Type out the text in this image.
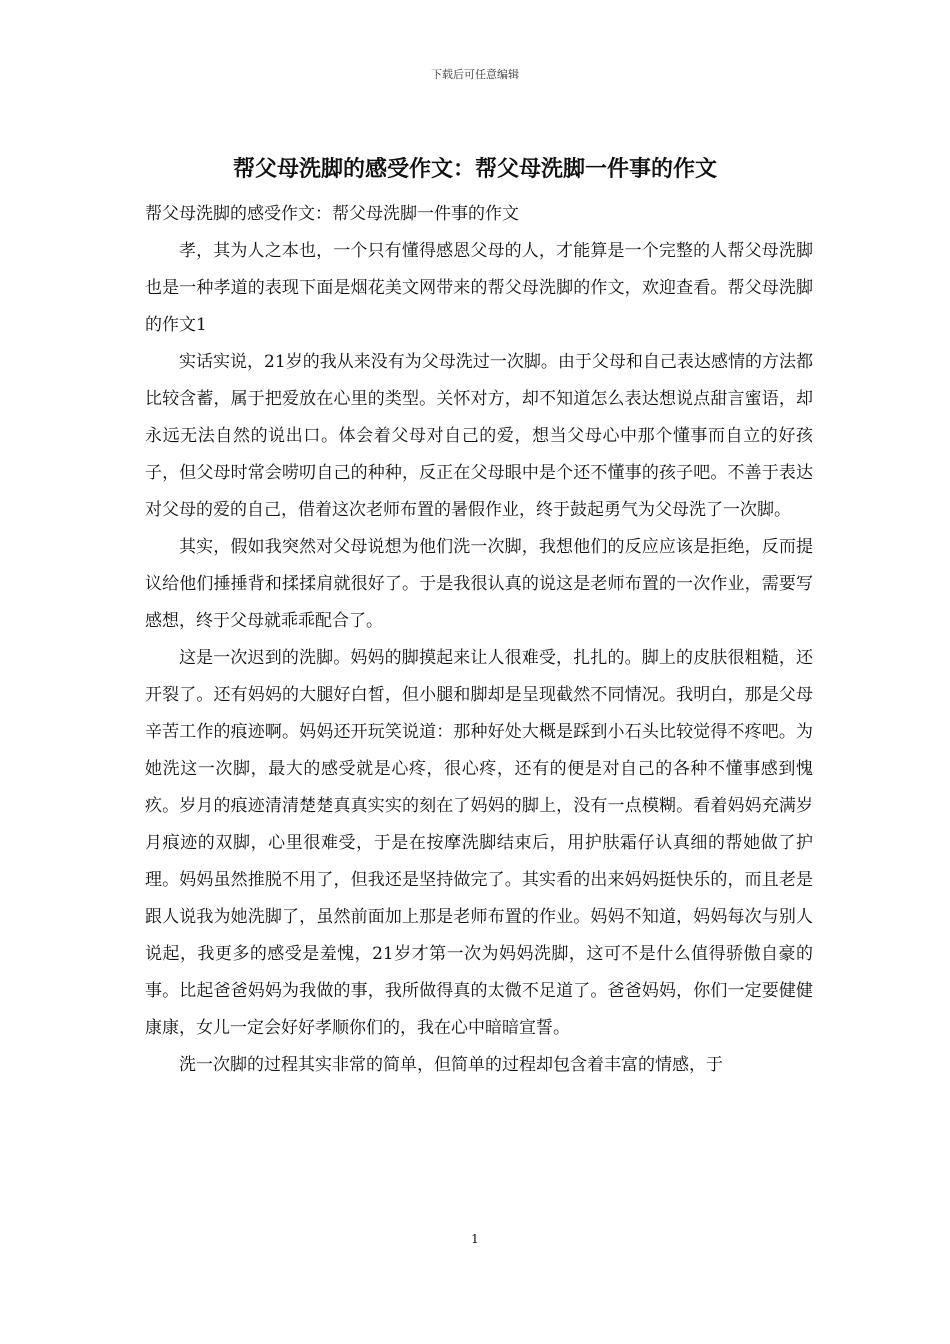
下载后可任意编辑
帮父母洗脚的感受作文：帮父母洗脚一件事的作文

帮父母洗脚的感受作文：帮父母洗脚一件事的作文

孝，其为人之本也，一个只有懂得感恩父母的人，才能算是一个完整的人帮父母洗脚也是一种孝道的表现下面是烟花美文网带来的帮父母洗脚的作文，欢迎查看。帮父母洗脚的作文1

实话实说，21岁的我从来没有为父母洗过一次脚。由于父母和自己表达感情的方法都比较含蓄，属于把爱放在心里的类型。关怀对方，却不知道怎么表达想说点甜言蜜语，却永远无法自然的说出口。体会着父母对自己的爱，想当父母心中那个懂事而自立的好孩子，但父母时常会唠叨自己的种种，反正在父母眼中是个还不懂事的孩子吧。不善于表达对父母的爱的自己，借着这次老师布置的暑假作业，终于鼓起勇气为父母洗了一次脚。

其实，假如我突然对父母说想为他们洗一次脚，我想他们的反应应该是拒绝，反而提议给他们捶捶背和揉揉肩就很好了。于是我很认真的说这是老师布置的一次作业，需要写感想，终于父母就乖乖配合了。

这是一次迟到的洗脚。妈妈的脚摸起来让人很难受，扎扎的。脚上的皮肤很粗糙，还开裂了。还有妈妈的大腿好白皙，但小腿和脚却是呈现截然不同情况。我明白，那是父母辛苦工作的痕迹啊。妈妈还开玩笑说道：那种好处大概是踩到小石头比较觉得不疼吧。为她洗这一次脚，最大的感受就是心疼，很心疼，还有的便是对自己的各种不懂事感到愧疚。岁月的痕迹清清楚楚真真实实的刻在了妈妈的脚上，没有一点模糊。看着妈妈充满岁月痕迹的双脚，心里很难受，于是在按摩洗脚结束后，用护肤霜仔认真细的帮她做了护理。妈妈虽然推脱不用了，但我还是坚持做完了。其实看的出来妈妈挺快乐的，而且老是跟人说我为她洗脚了，虽然前面加上那是老师布置的作业。妈妈不知道，妈妈每次与别人说起，我更多的感受是羞愧，21岁才第一次为妈妈洗脚，这可不是什么值得骄傲自豪的事。比起爸爸妈妈为我做的事，我所做得真的太微不足道了。爸爸妈妈，你们一定要健健康康，女儿一定会好好孝顺你们的，我在心中暗暗宣誓。

洗一次脚的过程其实非常的简单，但简单的过程却包含着丰富的情感，于

1
